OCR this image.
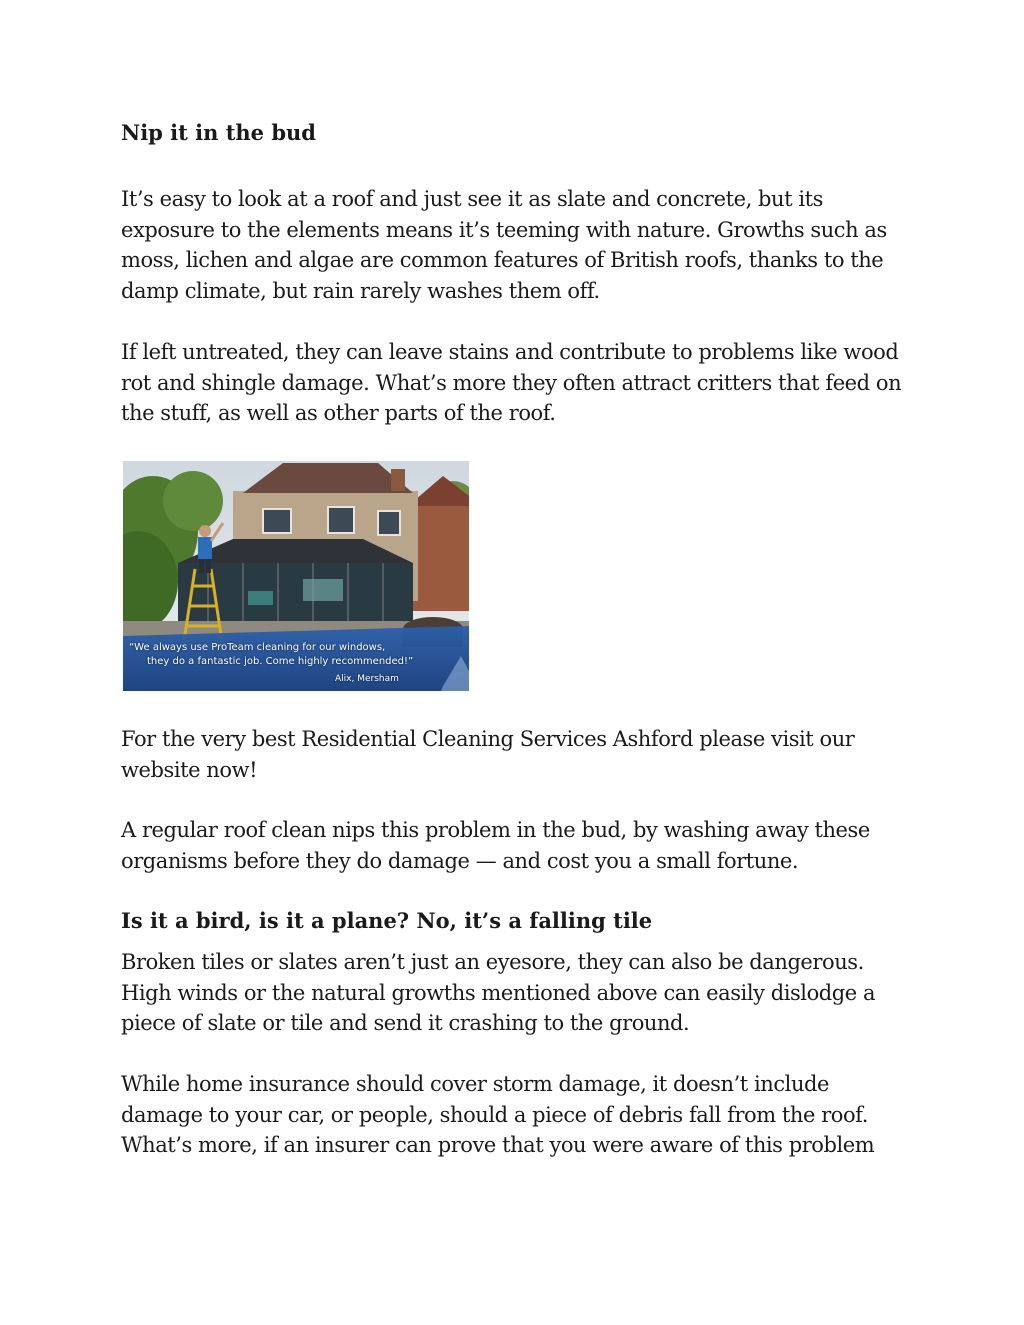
Nip it in the bud
It’s easy to look at a roof and just see it as slate and concrete, but its
exposure to the elements means it’s teeming with nature. Growths such as
moss, lichen and algae are common features of British roofs, thanks to the
damp climate, but rain rarely washes them off.
If left untreated, they can leave stains and contribute to problems like wood
rot and shingle damage. What’s more they often attract critters that feed on
the stuff, as well as other parts of the roof.
“We always use ProTeam cleaning for our windows,
they do a fantastic job. Come highly recommended!”
Alix, Mersham
For the very best Residential Cleaning Services Ashford please visit our
website now!
A regular roof clean nips this problem in the bud, by washing away these
organisms before they do damage — and cost you a small fortune.
Is it a bird, is it a plane? No, it’s a falling tile
Broken tiles or slates aren’t just an eyesore, they can also be dangerous.
High winds or the natural growths mentioned above can easily dislodge a
piece of slate or tile and send it crashing to the ground.
While home insurance should cover storm damage, it doesn’t include
damage to your car, or people, should a piece of debris fall from the roof.
What’s more, if an insurer can prove that you were aware of this problem
